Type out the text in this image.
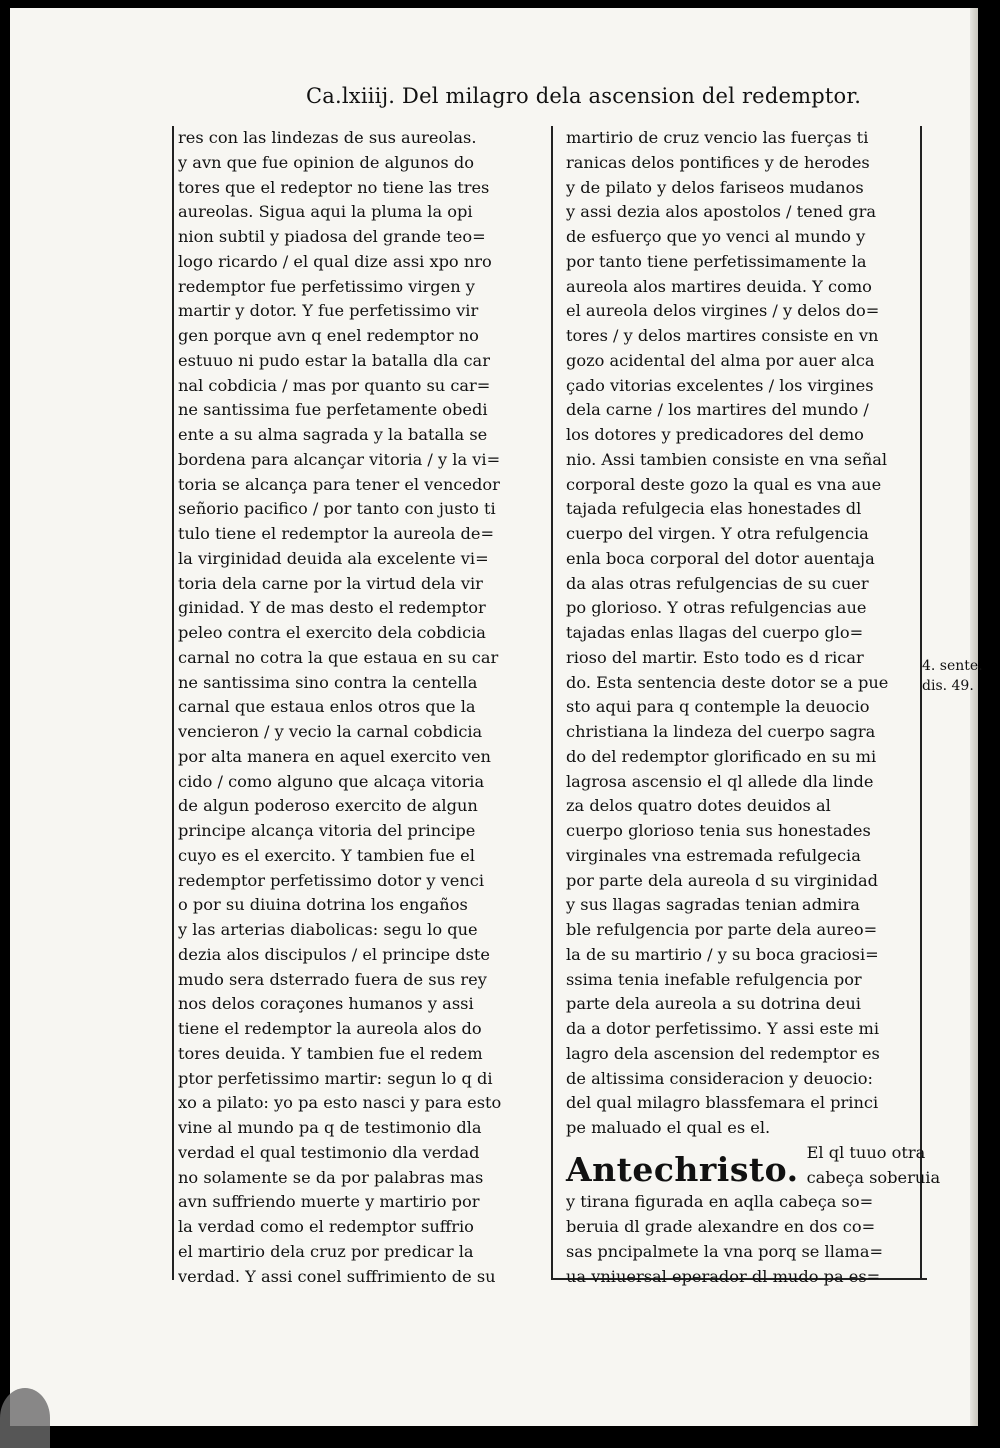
Ca.lxiiij. Del milagro dela ascension del redemptor.
res con las lindezas de sus aureolas.
y avn que fue opinion de algunos do
tores que el redeptor no tiene las tres
aureolas. Sigua aqui la pluma la opi
nion subtil y piadosa del grande teo=
logo ricardo / el qual dize assi xpo nro
redemptor fue perfetissimo virgen y
martir y dotor. Y fue perfetissimo vir
gen porque avn q enel redemptor no
estuuo ni pudo estar la batalla dla car
nal cobdicia / mas por quanto su car=
ne santissima fue perfetamente obedi
ente a su alma sagrada y la batalla se
bordena para alcançar vitoria / y la vi=
toria se alcança para tener el vencedor
señorio pacifico / por tanto con justo ti
tulo tiene el redemptor la aureola de=
la virginidad deuida ala excelente vi=
toria dela carne por la virtud dela vir
ginidad. Y de mas desto el redemptor
peleo contra el exercito dela cobdicia
carnal no cotra la que estaua en su car
ne santissima sino contra la centella
carnal que estaua enlos otros que la
vencieron / y vecio la carnal cobdicia
por alta manera en aquel exercito ven
cido / como alguno que alcaça vitoria
de algun poderoso exercito de algun
principe alcança vitoria del principe
cuyo es el exercito. Y tambien fue el
redemptor perfetissimo dotor y venci
o por su diuina dotrina los engaños
y las arterias diabolicas: segu lo que
dezia alos discipulos / el principe dste
mudo sera dsterrado fuera de sus rey
nos delos coraçones humanos y assi
tiene el redemptor la aureola alos do
tores deuida. Y tambien fue el redem
ptor perfetissimo martir: segun lo q di
xo a pilato: yo pa esto nasci y para esto
vine al mundo pa q de testimonio dla
verdad el qual testimonio dla verdad
no solamente se da por palabras mas
avn suffriendo muerte y martirio por
la verdad como el redemptor suffrio
el martirio dela cruz por predicar la
verdad. Y assi conel suffrimiento de su
martirio de cruz vencio las fuerças ti
ranicas delos pontifices y de herodes
y de pilato y delos fariseos mudanos
y assi dezia alos apostolos / tened gra
de esfuerço que yo venci al mundo y
por tanto tiene perfetissimamente la
aureola alos martires deuida. Y como
el aureola delos virgines / y delos do=
tores / y delos martires consiste en vn
gozo acidental del alma por auer alca
çado vitorias excelentes / los virgines
dela carne / los martires del mundo /
los dotores y predicadores del demo
nio. Assi tambien consiste en vna señal
corporal deste gozo la qual es vna aue
tajada refulgecia elas honestades dl
cuerpo del virgen. Y otra refulgencia
enla boca corporal del dotor auentaja
da alas otras refulgencias de su cuer
po glorioso. Y otras refulgencias aue
tajadas enlas llagas del cuerpo glo=
rioso del martir. Esto todo es d ricar
do. Esta sentencia deste dotor se a pue
sto aqui para q contemple la deuocio
christiana la lindeza del cuerpo sagra
do del redemptor glorificado en su mi
lagrosa ascensio el ql allede dla linde
za delos quatro dotes deuidos al
cuerpo glorioso tenia sus honestades
virginales vna estremada refulgecia
por parte dela aureola d su virginidad
y sus llagas sagradas tenian admira
ble refulgencia por parte dela aureo=
la de su martirio / y su boca graciosi=
ssima tenia inefable refulgencia por
parte dela aureola a su dotrina deui
da a dotor perfetissimo. Y assi este mi
lagro dela ascension del redemptor es
de altissima consideracion y deuocio:
del qual milagro blassfemara el princi
pe maluado el qual es el.
Antechristo. El ql tuuo otra
cabeça soberuia
y tirana figurada en aqlla cabeça so=
beruia dl grade alexandre en dos co=
sas pncipalmete la vna porq se llama=
ua vniuersal eperador dl mudo pa es=
4. sente.
dis. 49.
